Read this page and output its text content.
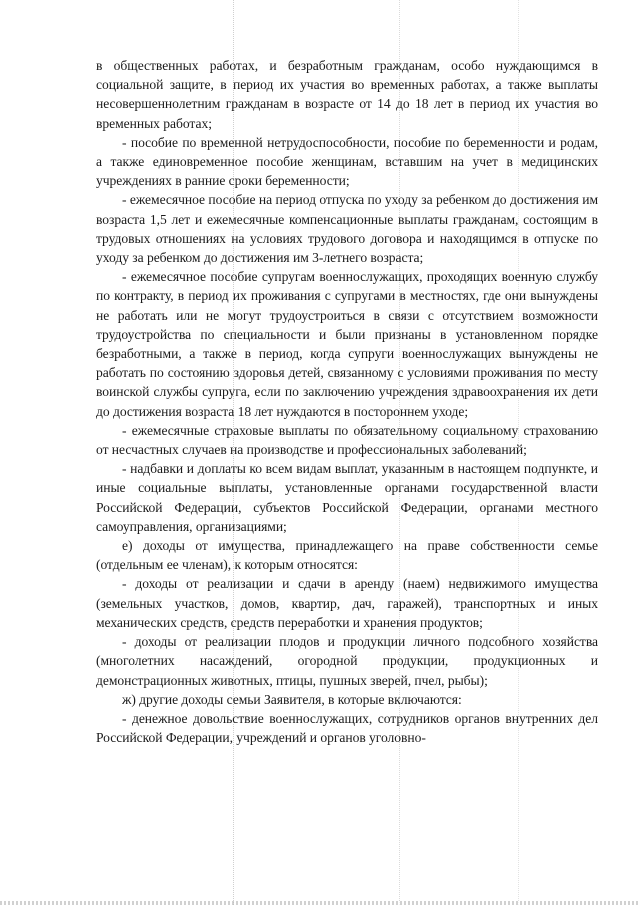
в общественных работах, и безработным гражданам, особо нуждающимся в социальной защите, в период их участия во временных работах, а также выплаты несовершеннолетним гражданам в возрасте от 14 до 18 лет в период их участия во временных работах;

- пособие по временной нетрудоспособности, пособие по беременности и родам, а также единовременное пособие женщинам, вставшим на учет в медицинских учреждениях в ранние сроки беременности;

- ежемесячное пособие на период отпуска по уходу за ребенком до достижения им возраста 1,5 лет и ежемесячные компенсационные выплаты гражданам, состоящим в трудовых отношениях на условиях трудового договора и находящимся в отпуске по уходу за ребенком до достижения им 3-летнего возраста;

- ежемесячное пособие супругам военнослужащих, проходящих военную службу по контракту, в период их проживания с супругами в местностях, где они вынуждены не работать или не могут трудоустроиться в связи с отсутствием возможности трудоустройства по специальности и были признаны в установленном порядке безработными, а также в период, когда супруги военнослужащих вынуждены не работать по состоянию здоровья детей, связанному с условиями проживания по месту воинской службы супруга, если по заключению учреждения здравоохранения их дети до достижения возраста 18 лет нуждаются в постороннем уходе;

- ежемесячные страховые выплаты по обязательному социальному страхованию от несчастных случаев на производстве и профессиональных заболеваний;

- надбавки и доплаты ко всем видам выплат, указанным в настоящем подпункте, и иные социальные выплаты, установленные органами государственной власти Российской Федерации, субъектов Российской Федерации, органами местного самоуправления, организациями;

е) доходы от имущества, принадлежащего на праве собственности семье (отдельным ее членам), к которым относятся:

- доходы от реализации и сдачи в аренду (наем) недвижимого имущества (земельных участков, домов, квартир, дач, гаражей), транспортных и иных механических средств, средств переработки и хранения продуктов;

- доходы от реализации плодов и продукции личного подсобного хозяйства (многолетних насаждений, огородной продукции, продукционных и демонстрационных животных, птицы, пушных зверей, пчел, рыбы);

ж) другие доходы семьи Заявителя, в которые включаются:

- денежное довольствие военнослужащих, сотрудников органов внутренних дел Российской Федерации, учреждений и органов уголовно-
